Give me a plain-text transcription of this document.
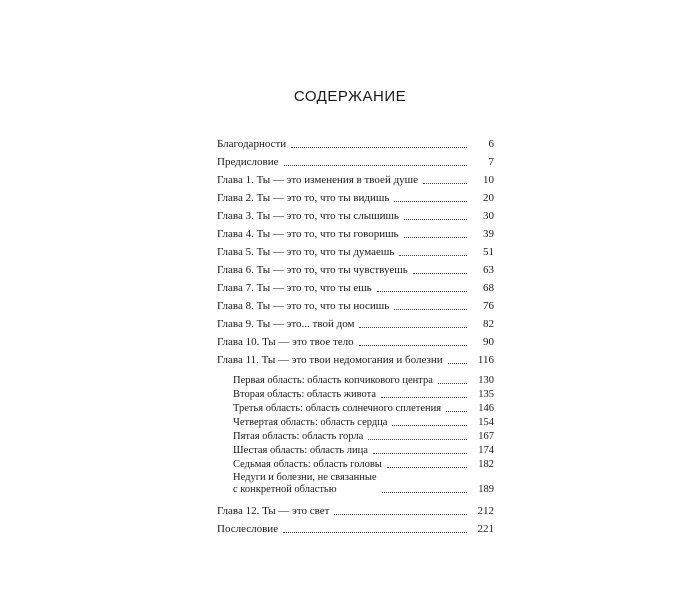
СОДЕРЖАНИЕ
Благодарности	6
Предисловие	7
Глава 1. Ты — это изменения в твоей душе	10
Глава 2. Ты — это то, что ты видишь	20
Глава 3. Ты — это то, что ты слышишь	30
Глава 4. Ты — это то, что ты говоришь	39
Глава 5. Ты — это то, что ты думаешь	51
Глава 6. Ты — это то, что ты чувствуешь	63
Глава 7. Ты — это то, что ты ешь	68
Глава 8. Ты — это то, что ты носишь	76
Глава 9. Ты — это... твой дом	82
Глава 10. Ты — это твое тело	90
Глава 11. Ты — это твои недомогания и болезни	116
Первая область: область копчикового центра	130
Вторая область: область живота	135
Третья область: область солнечного сплетения	146
Четвертая область: область сердца	154
Пятая область: область горла	167
Шестая область: область лица	174
Седьмая область: область головы	182
Недуги и болезни, не связанные
с конкретной областью	189
Глава 12. Ты — это свет	212
Послесловие	221
